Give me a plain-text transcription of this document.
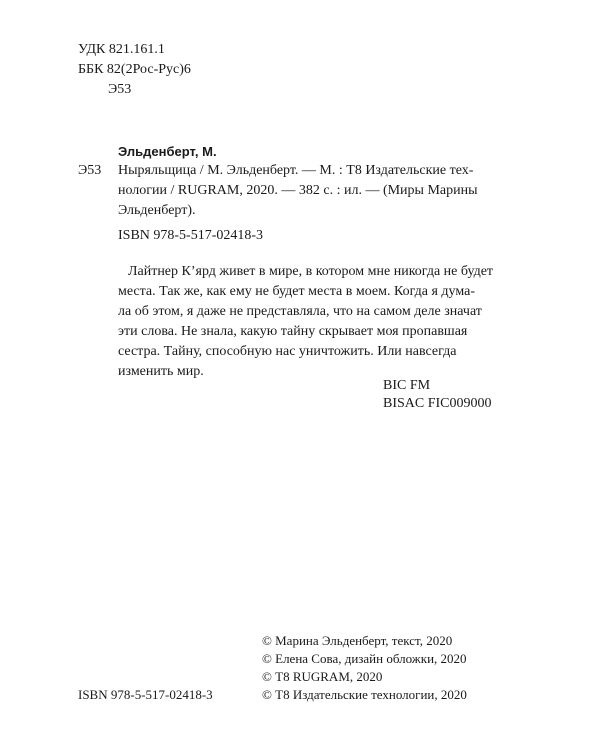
УДК 821.161.1
ББК 82(2Рос-Рус)6
Э53
Эльденберт, М.
Э53 Ныряльщица / М. Эльденберт. — М. : Т8 Издательские тех-
нологии / RUGRAM, 2020. — 382 с. : ил. — (Миры Марины
Эльденберт).
ISBN 978-5-517-02418-3
Лайтнер К’ярд живет в мире, в котором мне никогда не будет
места. Так же, как ему не будет места в моем. Когда я дума-
ла об этом, я даже не представляла, что на самом деле значат
эти слова. Не знала, какую тайну скрывает моя пропавшая
сестра. Тайну, способную нас уничтожить. Или навсегда
изменить мир.
BIC FM
BISAC FIC009000
ISBN 978-5-517-02418-3
© Марина Эльденберт, текст, 2020
© Елена Сова, дизайн обложки, 2020
© Т8 RUGRAM, 2020
© Т8 Издательские технологии, 2020
